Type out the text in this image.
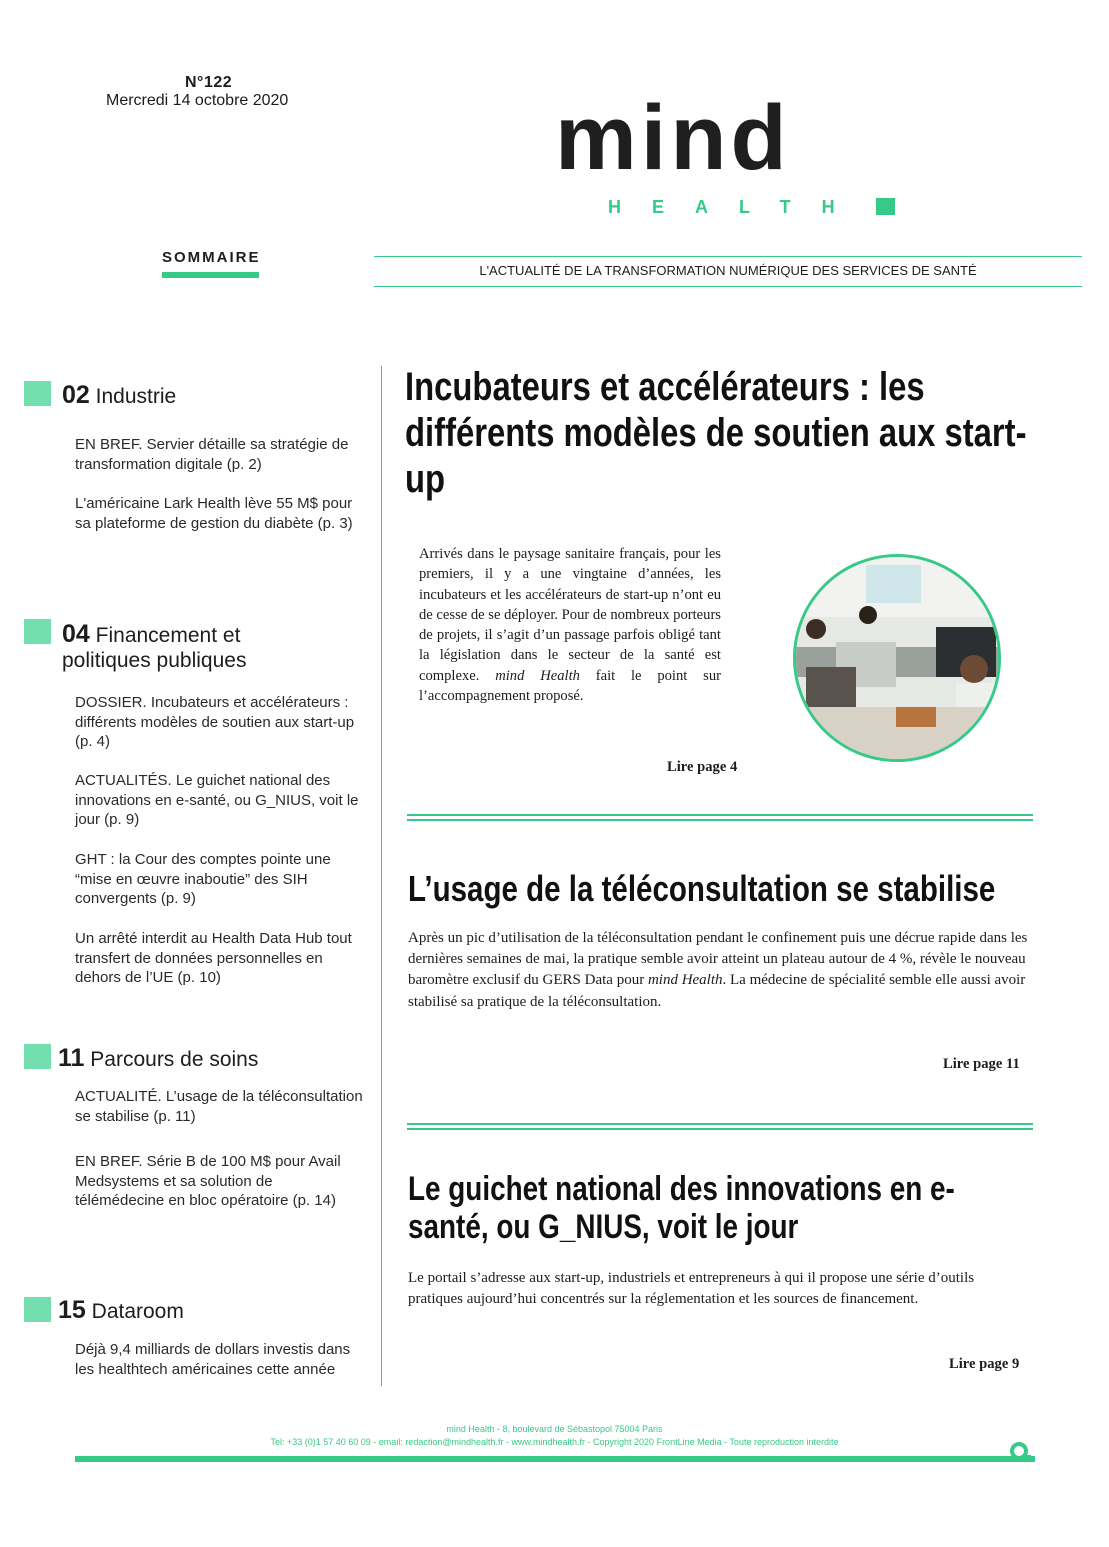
N°122
Mercredi 14 octobre 2020	mind
HEALTH
SOMMAIRE
L'ACTUALITÉ DE LA TRANSFORMATION NUMÉRIQUE DES SERVICES DE SANTÉ
02 Industrie
EN BREF. Servier détaille sa stratégie de transformation digitale (p. 2)
L'américaine Lark Health lève 55 M$ pour sa plateforme de gestion du diabète (p. 3)
04 Financement et
politiques publiques
DOSSIER. Incubateurs et accélérateurs : différents modèles de soutien aux start-up (p. 4)
ACTUALITÉS. Le guichet national des innovations en e-santé, ou G_NIUS, voit le jour (p. 9)
GHT : la Cour des comptes pointe une “mise en œuvre inaboutie” des SIH convergents (p. 9)
Un arrêté interdit au Health Data Hub tout transfert de données personnelles en dehors de l’UE (p. 10)
11 Parcours de soins
ACTUALITÉ. L’usage de la téléconsultation se stabilise (p. 11)
EN BREF. Série B de 100 M$ pour Avail Medsystems et sa solution de télémédecine en bloc opératoire (p. 14)
15 Dataroom
Déjà 9,4 milliards de dollars investis dans les healthtech américaines cette année
Incubateurs et accélérateurs : les différents modèles de soutien aux start-up
Arrivés dans le paysage sanitaire français, pour les premiers, il y a une vingtaine d’années, les incubateurs et les accélérateurs de start-up n’ont eu de cesse de se déployer. Pour de nombreux porteurs de projets, il s’agit d’un passage parfois obligé tant la législation dans le secteur de la santé est complexe. mind Health fait le point sur l’accompagnement proposé.
Lire page 4
L’usage de la téléconsultation se stabilise
Après un pic d’utilisation de la téléconsultation pendant le confinement puis une décrue rapide dans les dernières semaines de mai, la pratique semble avoir atteint un plateau autour de 4 %, révèle le nouveau baromètre exclusif du GERS Data pour mind Health. La médecine de spécialité semble elle aussi avoir stabilisé sa pratique de la téléconsultation.
Lire page 11
Le guichet national des innovations en e-santé, ou G_NIUS, voit le jour
Le portail s’adresse aux start-up, industriels et entrepreneurs à qui il propose une série d’outils pratiques aujourd’hui concentrés sur la réglementation et les sources de financement.
Lire page 9
mind Health - 8, boulevard de Sébastopol 75004 Paris
Tel: +33 (0)1 57 40 60 09 - email: redaction@mindhealth.fr - www.mindhealth.fr - Copyright 2020 FrontLine Media - Toute reproduction interdite
